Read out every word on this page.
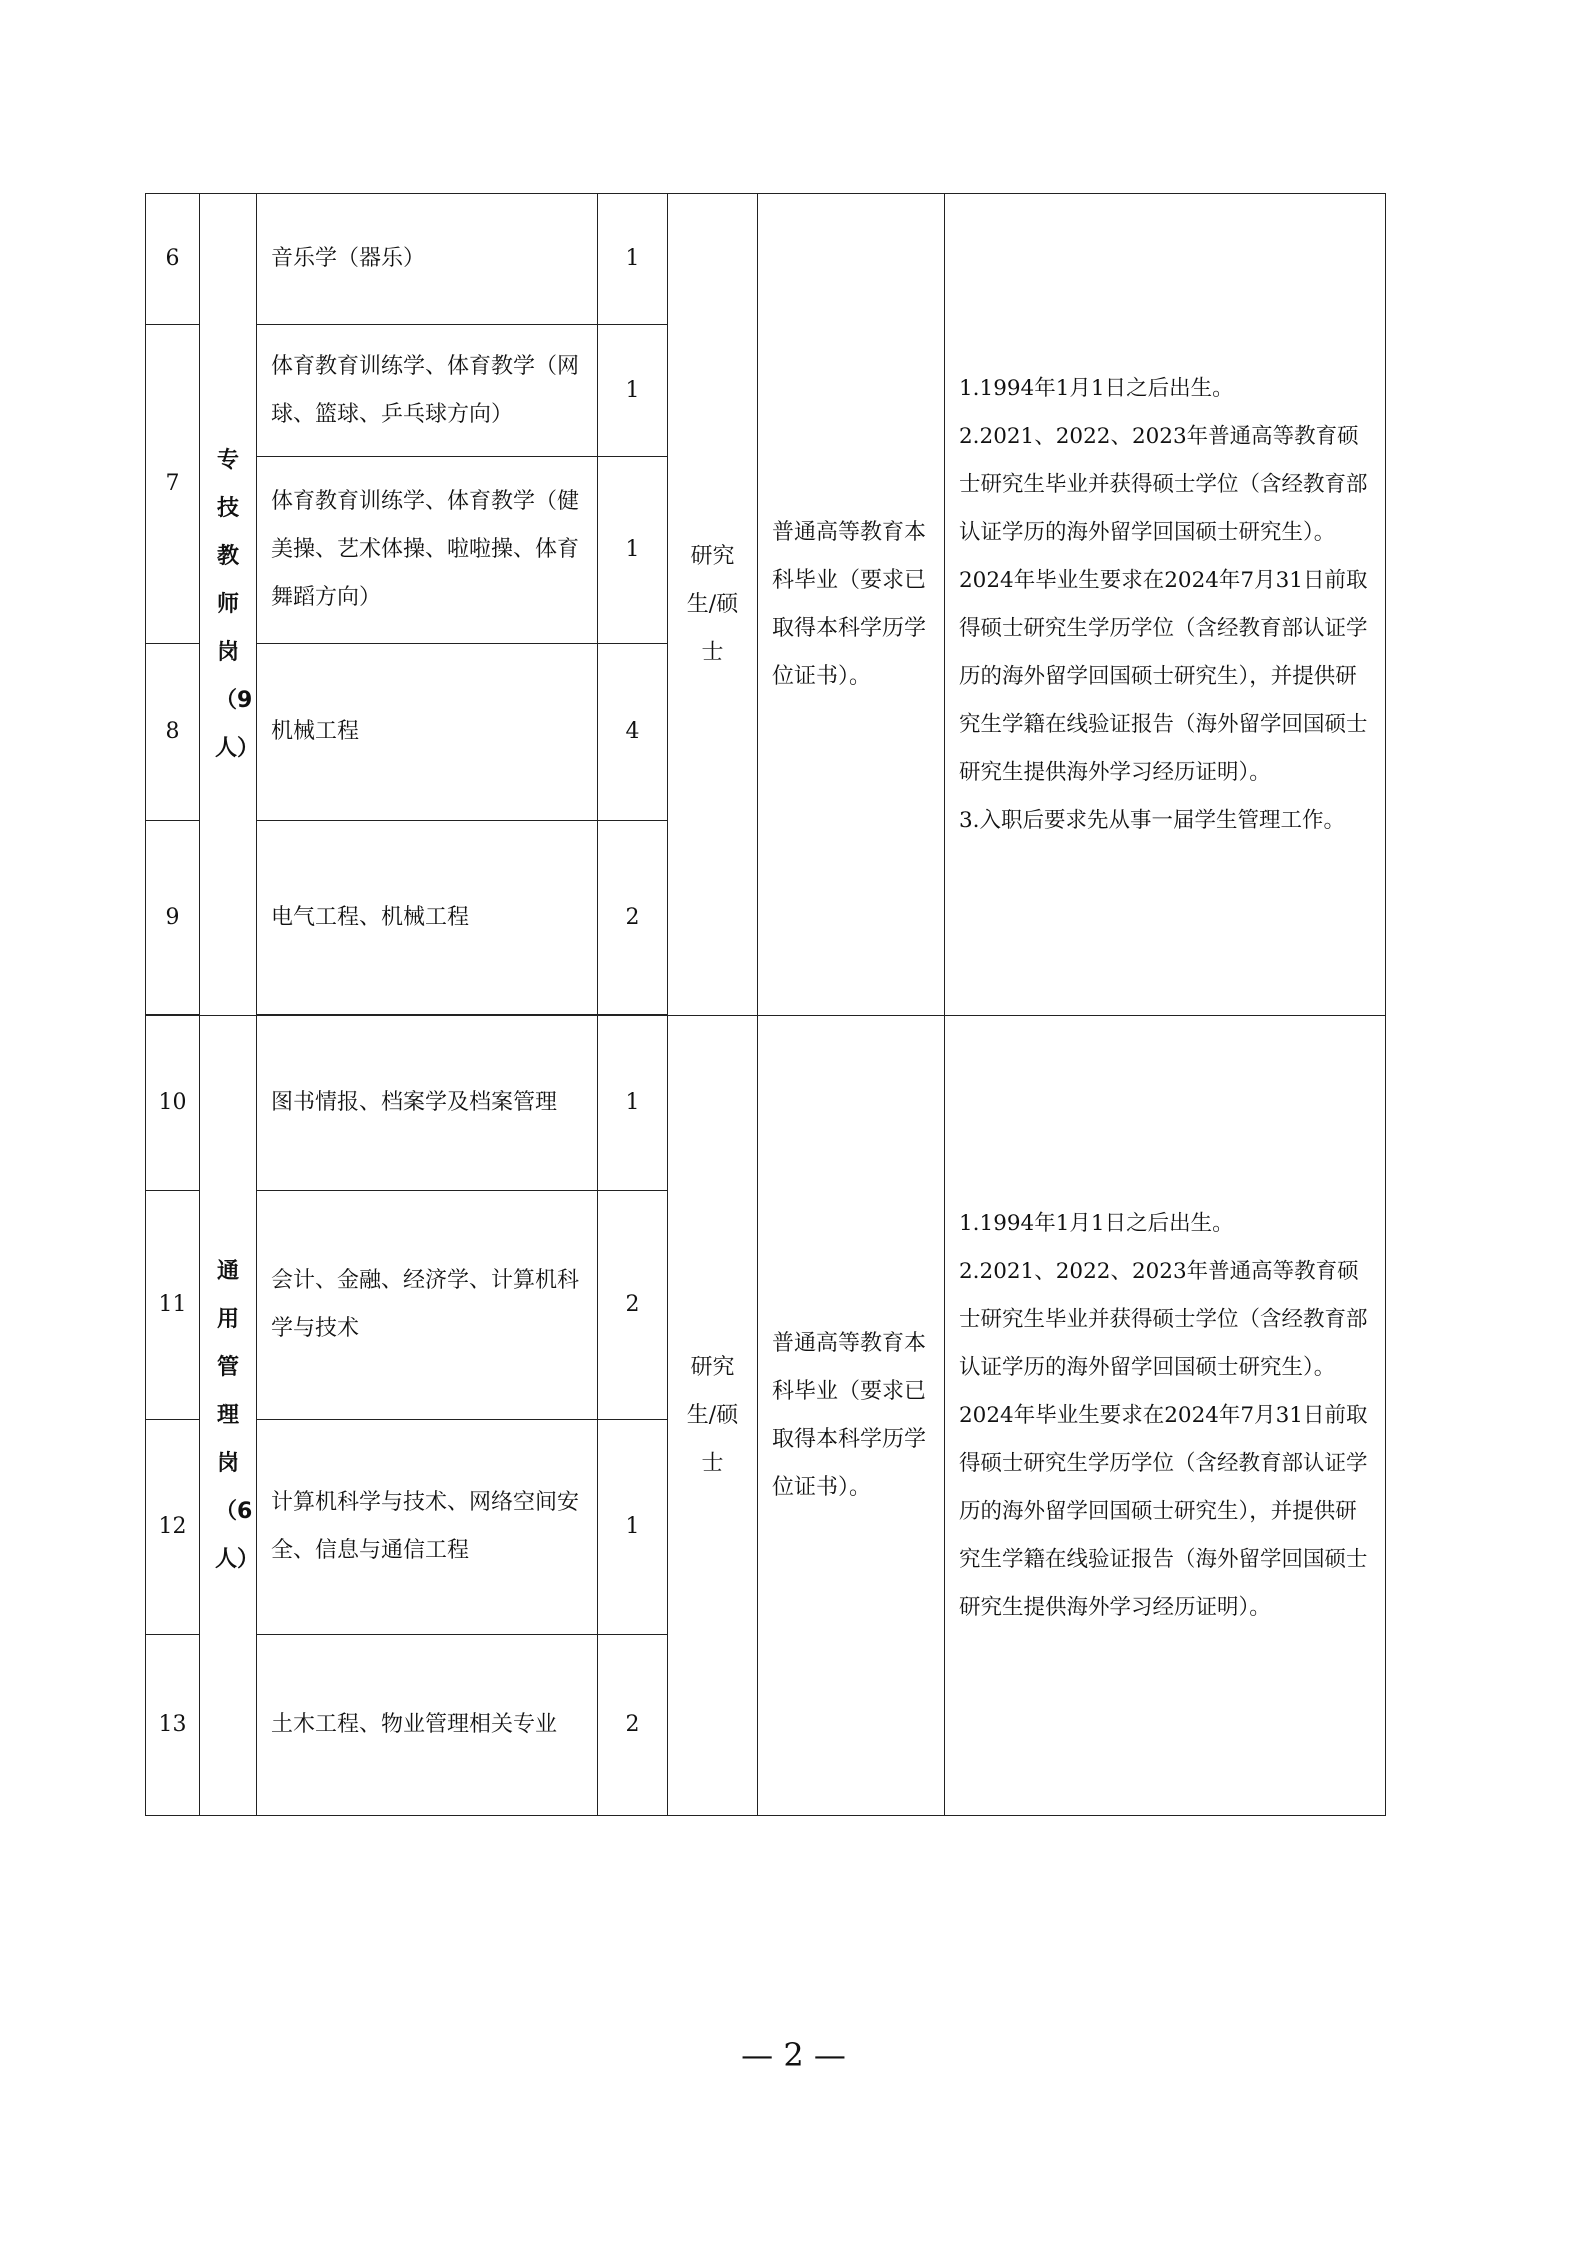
6	专技教师岗（9人）	音乐学（器乐）	1	研究生/硕士	普通高等教育本科毕业（要求已取得本科学历学位证书）。	1.1994年1月1日之后出生。
2.2021、2022、2023年普通高等教育硕士研究生毕业并获得硕士学位（含经教育部认证学历的海外留学回国硕士研究生）。2024年毕业生要求在2024年7月31日前取得硕士研究生学历学位（含经教育部认证学历的海外留学回国硕士研究生），并提供研究生学籍在线验证报告（海外留学回国硕士研究生提供海外学习经历证明）。
3.入职后要求先从事一届学生管理工作。

7		体育教育训练学、体育教学（网球、篮球、乒乓球方向）	1			
		体育教育训练学、体育教学（健美操、艺术体操、啦啦操、体育舞蹈方向）	1			
8		机械工程	4			
9		电气工程、机械工程	2			

10	通用管理岗（6人）	图书情报、档案学及档案管理	1	研究生/硕士	普通高等教育本科毕业（要求已取得本科学历学位证书）。	1.1994年1月1日之后出生。
2.2021、2022、2023年普通高等教育硕士研究生毕业并获得硕士学位（含经教育部认证学历的海外留学回国硕士研究生）。2024年毕业生要求在2024年7月31日前取得硕士研究生学历学位（含经教育部认证学历的海外留学回国硕士研究生），并提供研究生学籍在线验证报告（海外留学回国硕士研究生提供海外学习经历证明）。

11		会计、金融、经济学、计算机科学与技术	2			
12		计算机科学与技术、网络空间安全、信息与通信工程	1			
13		土木工程、物业管理相关专业	2			
— 2 —
